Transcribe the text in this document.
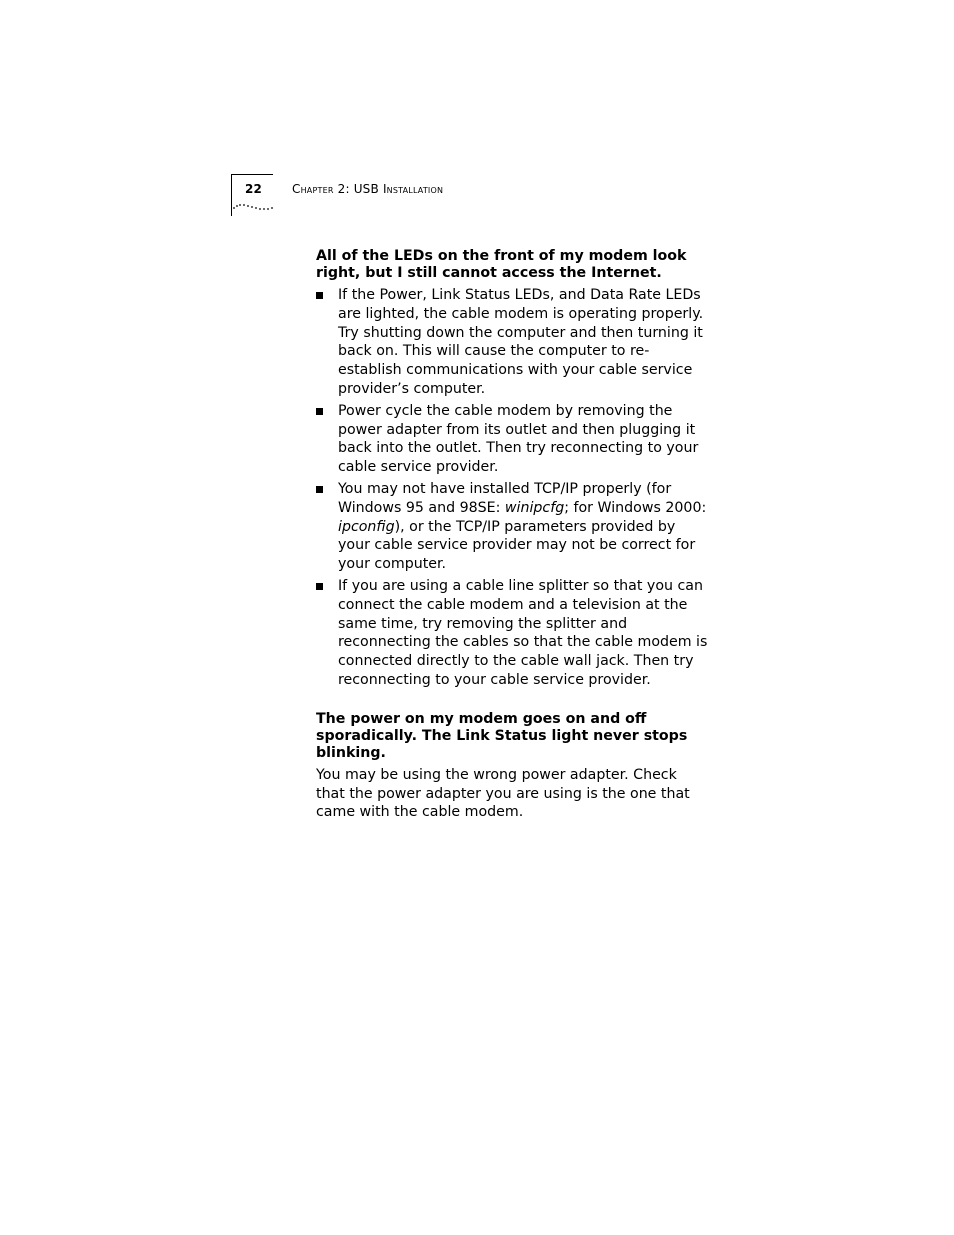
22 Chapter 2: USB Installation

All of the LEDs on the front of my modem look right, but I still cannot access the Internet.

If the Power, Link Status LEDs, and Data Rate LEDs are lighted, the cable modem is operating properly. Try shutting down the computer and then turning it back on. This will cause the computer to re-establish communications with your cable service provider’s computer.
Power cycle the cable modem by removing the power adapter from its outlet and then plugging it back into the outlet. Then try reconnecting to your cable service provider.
You may not have installed TCP/IP properly (for Windows 95 and 98SE: winipcfg; for Windows 2000: ipconfig), or the TCP/IP parameters provided by your cable service provider may not be correct for your computer.
If you are using a cable line splitter so that you can connect the cable modem and a television at the same time, try removing the splitter and reconnecting the cables so that the cable modem is connected directly to the cable wall jack. Then try reconnecting to your cable service provider.

The power on my modem goes on and off sporadically. The Link Status light never stops blinking.

You may be using the wrong power adapter. Check that the power adapter you are using is the one that came with the cable modem.
